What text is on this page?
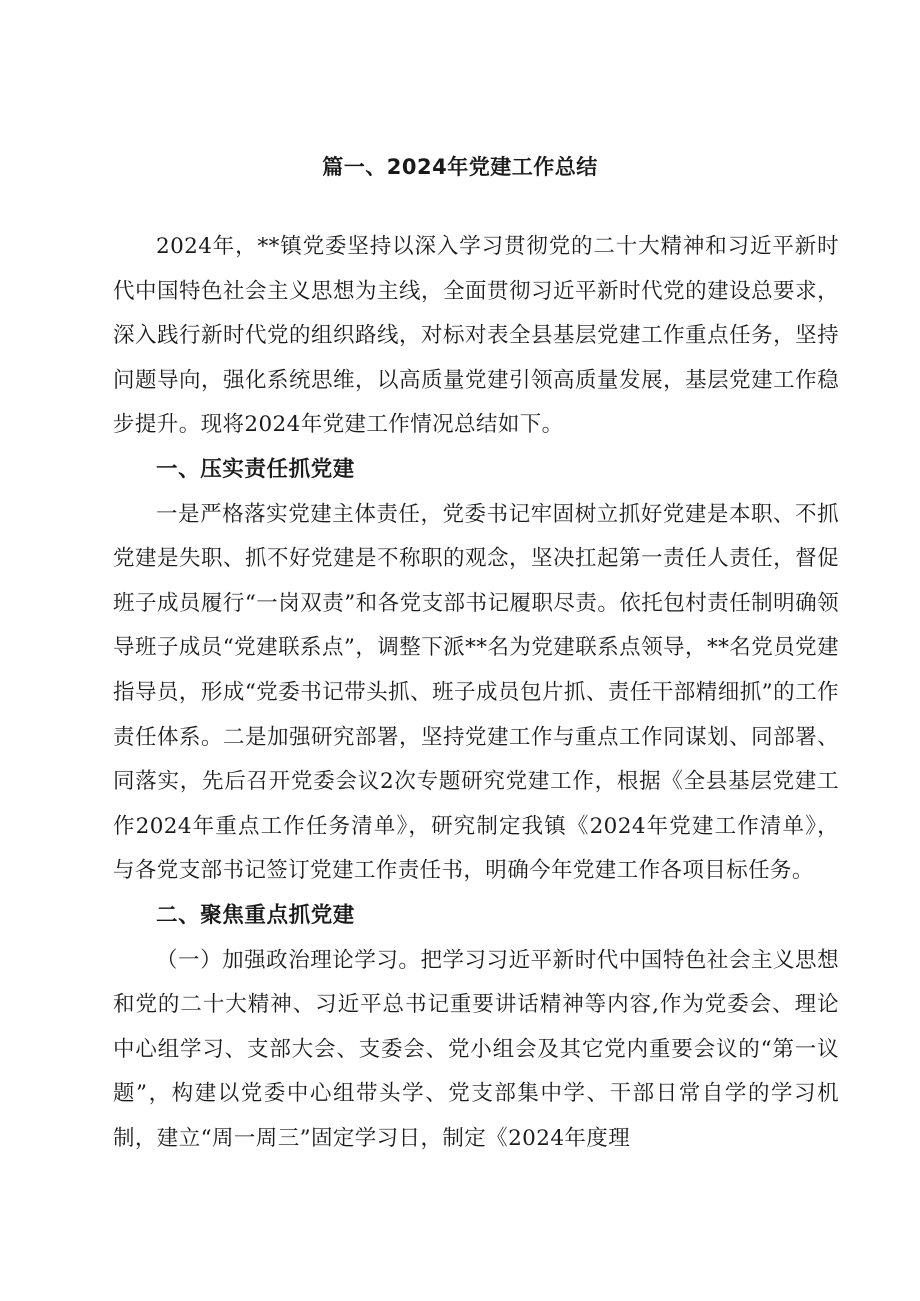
篇一、2024年党建工作总结

2024年，**镇党委坚持以深入学习贯彻党的二十大精神和习近平新时代中国特色社会主义思想为主线，全面贯彻习近平新时代党的建设总要求，深入践行新时代党的组织路线，对标对表全县基层党建工作重点任务，坚持问题导向，强化系统思维，以高质量党建引领高质量发展，基层党建工作稳步提升。现将2024年党建工作情况总结如下。

一、压实责任抓党建

一是严格落实党建主体责任，党委书记牢固树立抓好党建是本职、不抓党建是失职、抓不好党建是不称职的观念，坚决扛起第一责任人责任，督促班子成员履行“一岗双责”和各党支部书记履职尽责。依托包村责任制明确领导班子成员“党建联系点”，调整下派**名为党建联系点领导，**名党员党建指导员，形成“党委书记带头抓、班子成员包片抓、责任干部精细抓”的工作责任体系。二是加强研究部署，坚持党建工作与重点工作同谋划、同部署、同落实，先后召开党委会议2次专题研究党建工作，根据《全县基层党建工作2024年重点工作任务清单》，研究制定我镇《2024年党建工作清单》，与各党支部书记签订党建工作责任书，明确今年党建工作各项目标任务。

二、聚焦重点抓党建

（一）加强政治理论学习。把学习习近平新时代中国特色社会主义思想和党的二十大精神、习近平总书记重要讲话精神等内容,作为党委会、理论中心组学习、支部大会、支委会、党小组会及其它党内重要会议的“第一议题”，构建以党委中心组带头学、党支部集中学、干部日常自学的学习机制，建立“周一周三”固定学习日，制定《2024年度理
